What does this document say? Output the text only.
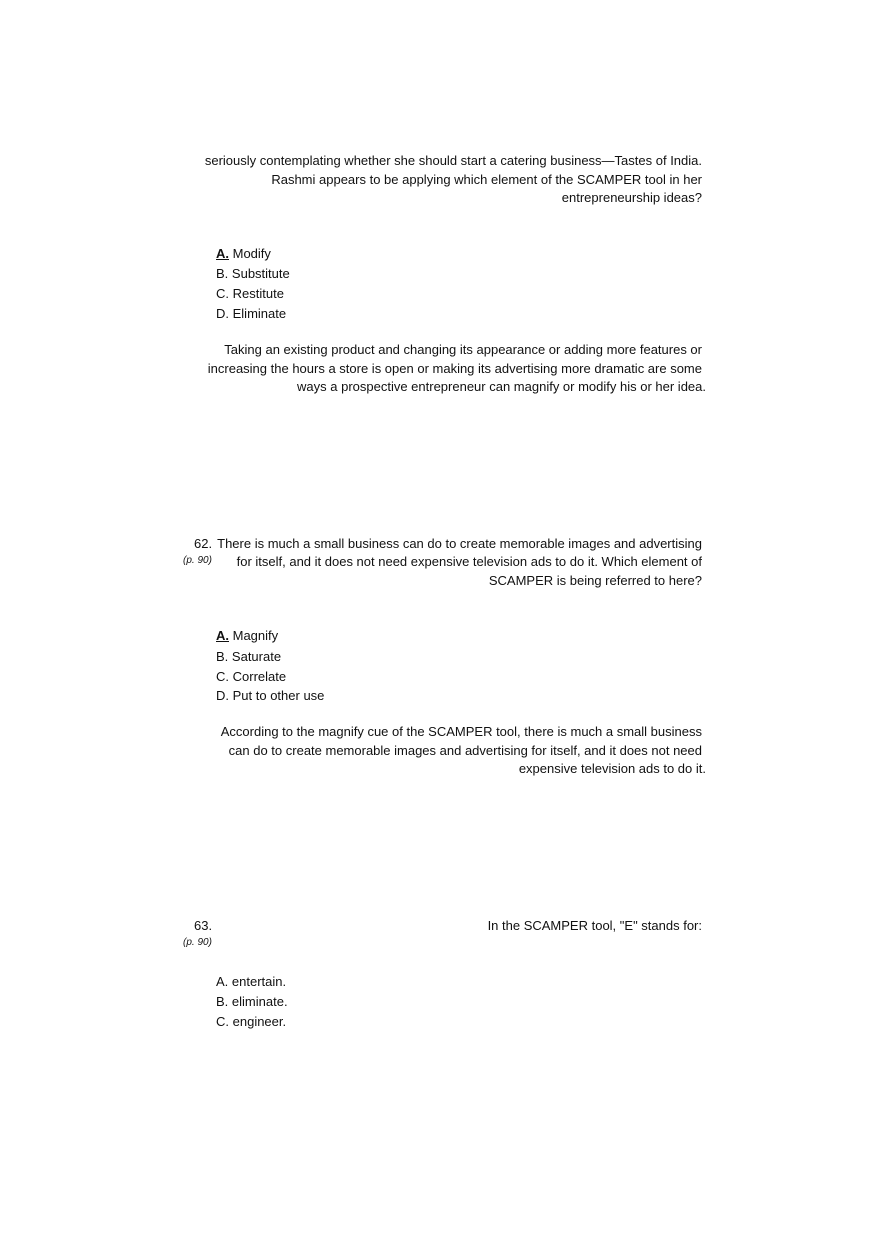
seriously contemplating whether she should start a catering business—Tastes of India.
Rashmi appears to be applying which element of the SCAMPER tool in her
entrepreneurship ideas?
A. Modify
B. Substitute
C. Restitute
D. Eliminate
Taking an existing product and changing its appearance or adding more features or
increasing the hours a store is open or making its advertising more dramatic are some
ways a prospective entrepreneur can magnify or modify his or her idea.
62.
(p. 90)
There is much a small business can do to create memorable images and advertising
for itself, and it does not need expensive television ads to do it. Which element of
SCAMPER is being referred to here?
A. Magnify
B. Saturate
C. Correlate
D. Put to other use
According to the magnify cue of the SCAMPER tool, there is much a small business
can do to create memorable images and advertising for itself, and it does not need
expensive television ads to do it.
63.
(p. 90)
In the SCAMPER tool, "E" stands for:
A. entertain.
B. eliminate.
C. engineer.
